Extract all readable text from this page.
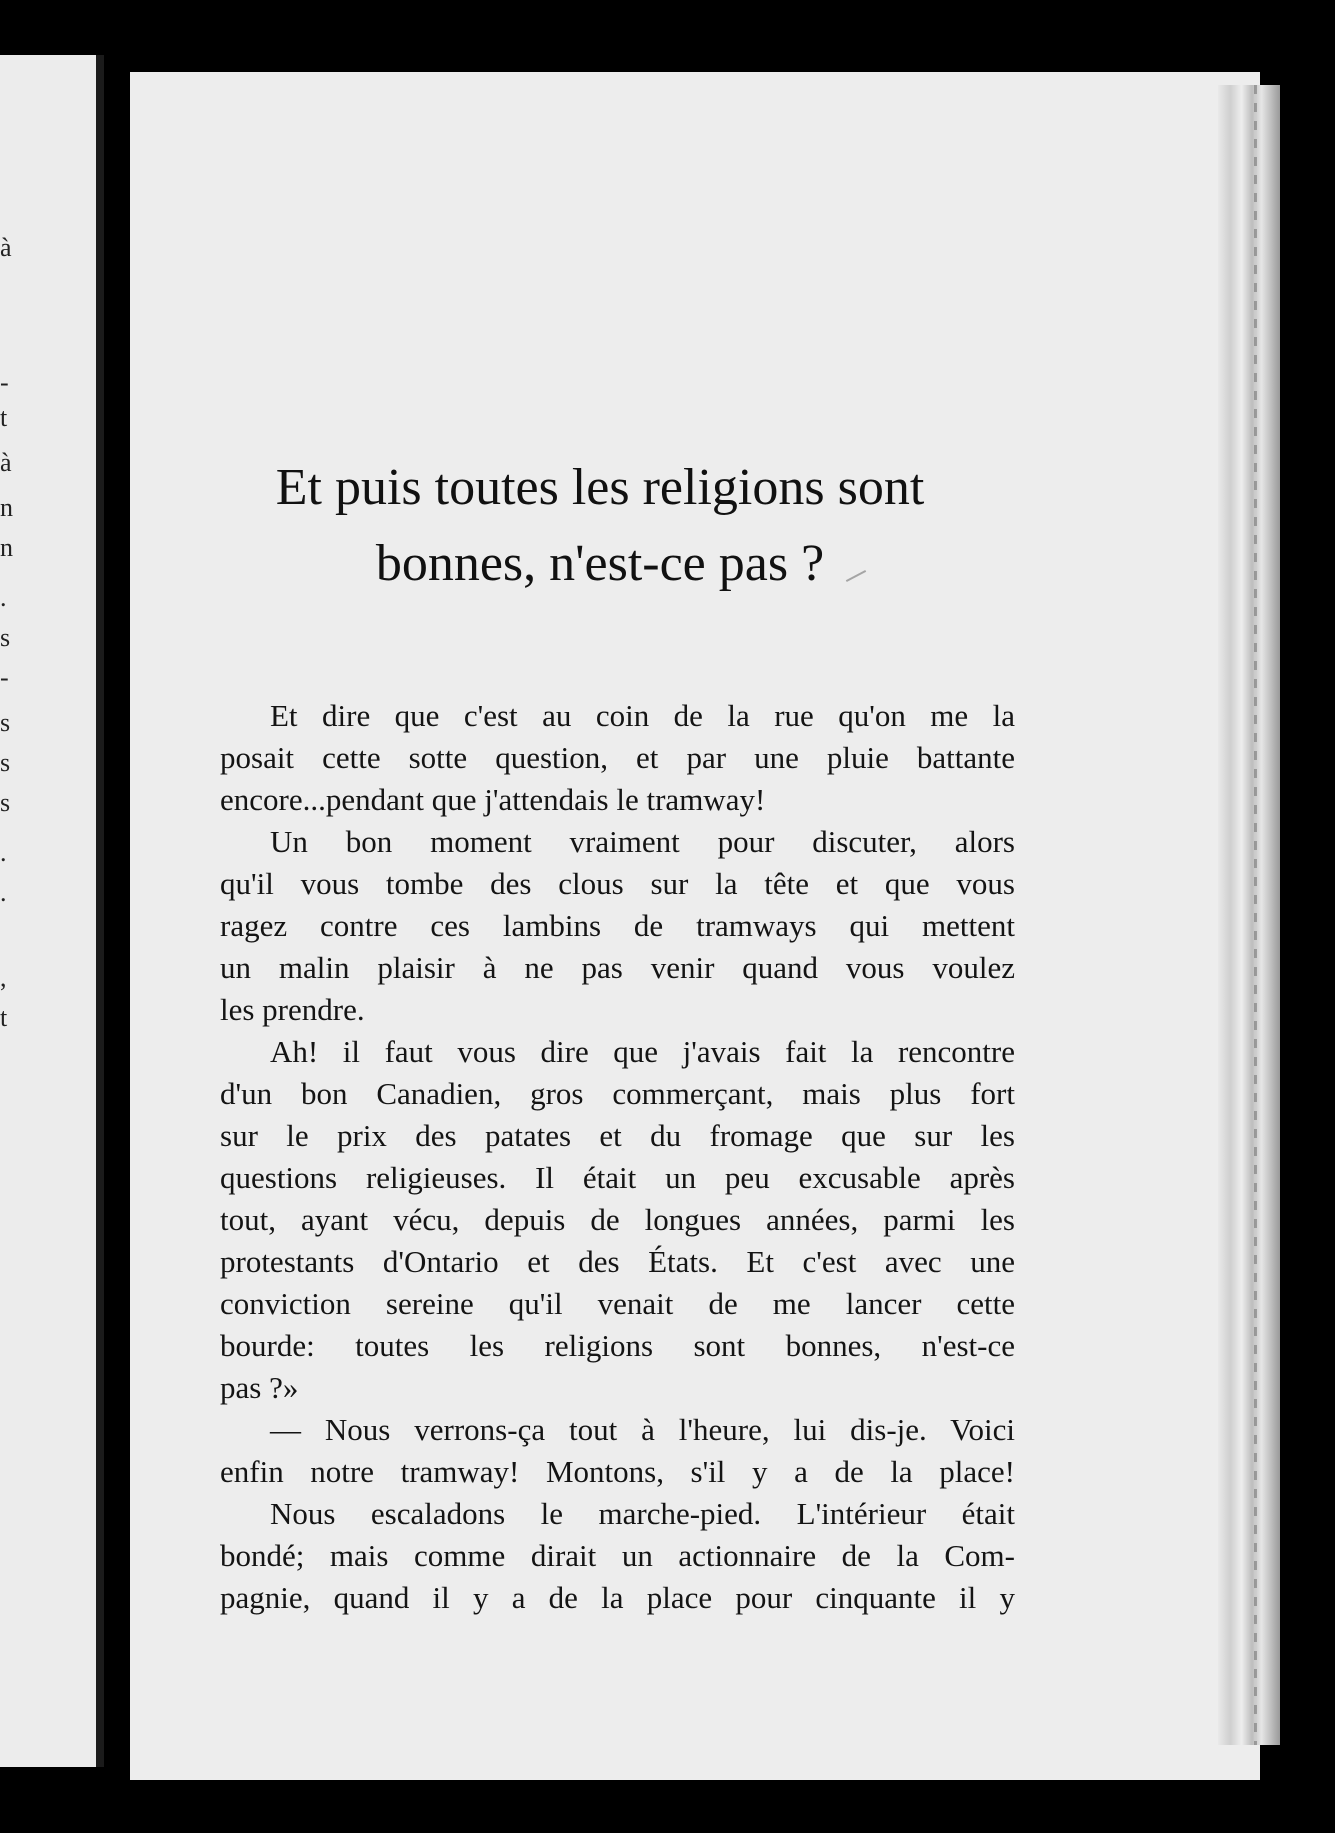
à
-
t
à
n
n
.
s
-
s
s
s
.
.
,
t
Et puis toutes les religions sont
bonnes, n'est-ce pas ?
Et dire que c'est au coin de la rue qu'on me la
posait cette sotte question, et par une pluie battante
encore...pendant que j'attendais le tramway!
Un bon moment vraiment pour discuter, alors
qu'il vous tombe des clous sur la tête et que vous
ragez contre ces lambins de tramways qui mettent
un malin plaisir à ne pas venir quand vous voulez
les prendre.
Ah! il faut vous dire que j'avais fait la rencontre
d'un bon Canadien, gros commerçant, mais plus fort
sur le prix des patates et du fromage que sur les
questions religieuses. Il était un peu excusable après
tout, ayant vécu, depuis de longues années, parmi les
protestants d'Ontario et des États. Et c'est avec une
conviction sereine qu'il venait de me lancer cette
bourde: toutes les religions sont bonnes, n'est-ce
pas ?»
— Nous verrons-ça tout à l'heure, lui dis-je. Voici
enfin notre tramway! Montons, s'il y a de la place!
Nous escaladons le marche-pied. L'intérieur était
bondé; mais comme dirait un actionnaire de la Com-
pagnie, quand il y a de la place pour cinquante il y
